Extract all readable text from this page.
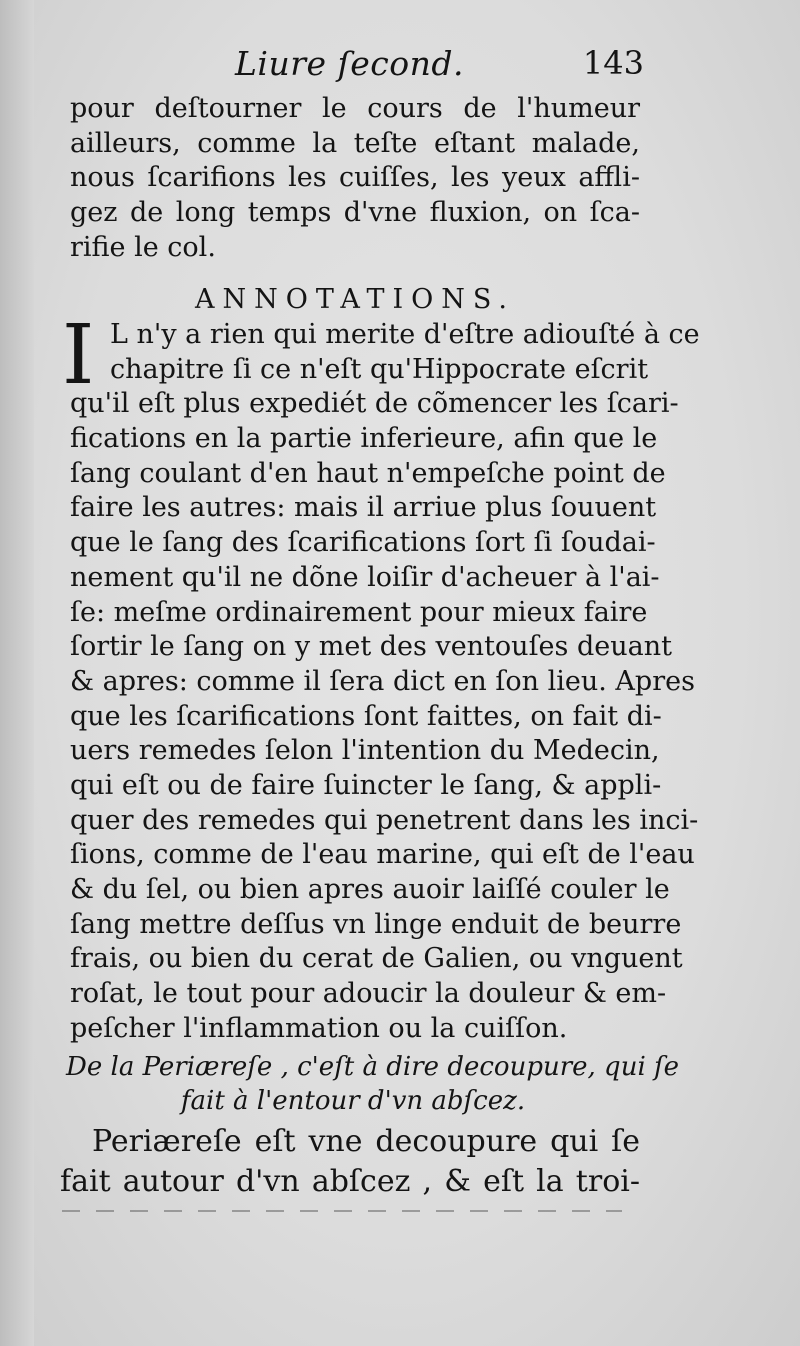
Liure ſecond.	143
pour deſtourner le cours de l'humeur
ailleurs, comme la teſte eſtant malade,
nous ſcarifions les cuiſſes, les yeux affli-
gez de long temps d'vne fluxion, on ſca-
rifie le col.
ANNOTATIONS.
I L n'y a rien qui merite d'eſtre adiouſté à ce
chapitre ſi ce n'eſt qu'Hippocrate eſcrit
qu'il eſt plus expediét de cõmencer les ſcari-
fications en la partie inferieure, afin que le
ſang coulant d'en haut n'empeſche point de
faire les autres: mais il arriue plus ſouuent
que le ſang des ſcarifications ſort ſi ſoudai-
nement qu'il ne dõne loiſir d'acheuer à l'ai-
ſe: meſme ordinairement pour mieux faire
ſortir le ſang on y met des ventouſes deuant
& apres: comme il ſera dict en ſon lieu. Apres
que les ſcarifications ſont faittes, on fait di-
uers remedes ſelon l'intention du Medecin,
qui eſt ou de faire ſuincter le ſang, & appli-
quer des remedes qui penetrent dans les inci-
ſions, comme de l'eau marine, qui eſt de l'eau
& du ſel, ou bien apres auoir laiſſé couler le
ſang mettre deſſus vn linge enduit de beurre
frais, ou bien du cerat de Galien, ou vnguent
roſat, le tout pour adoucir la douleur & em-
peſcher l'inflammation ou la cuiſſon.
De la Periæreſe , c'eſt à dire decoupure, qui ſe
fait à l'entour d'vn abſcez.
Periæreſe eſt vne decoupure qui ſe
fait autour d'vn abſcez , & eſt la troi-
